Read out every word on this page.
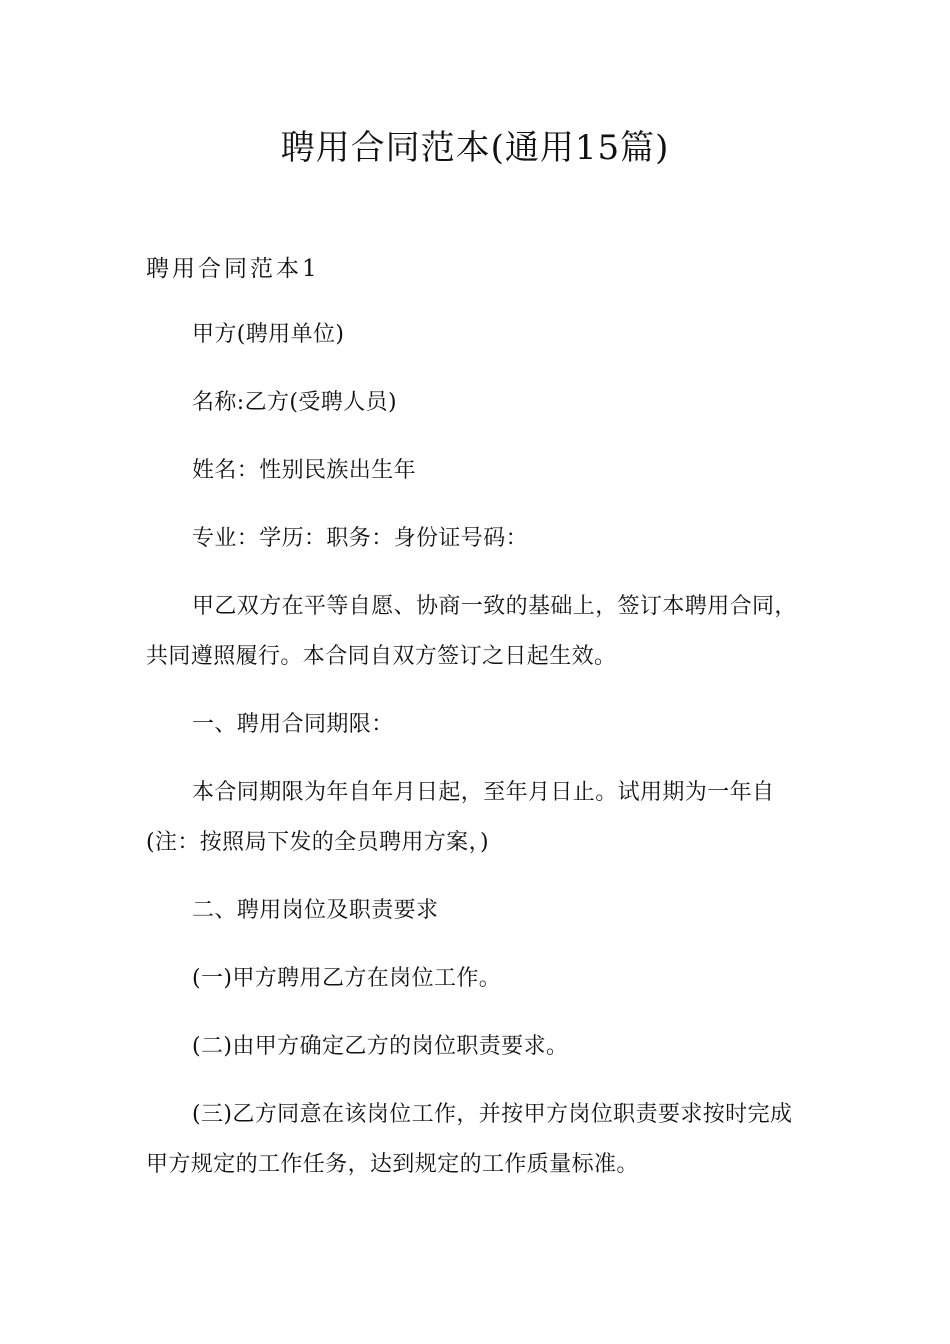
聘用合同范本(通用15篇)
聘用合同范本1

甲方(聘用单位)

名称:乙方(受聘人员)

姓名：性别民族出生年

专业：学历：职务：身份证号码：

甲乙双方在平等自愿、协商一致的基础上，签订本聘用合同，共同遵照履行。本合同自双方签订之日起生效。

一、聘用合同期限：

本合同期限为年自年月日起，至年月日止。试用期为一年自(注：按照局下发的全员聘用方案，)

二、聘用岗位及职责要求

(一)甲方聘用乙方在岗位工作。

(二)由甲方确定乙方的岗位职责要求。

(三)乙方同意在该岗位工作，并按甲方岗位职责要求按时完成甲方规定的工作任务，达到规定的工作质量标准。
